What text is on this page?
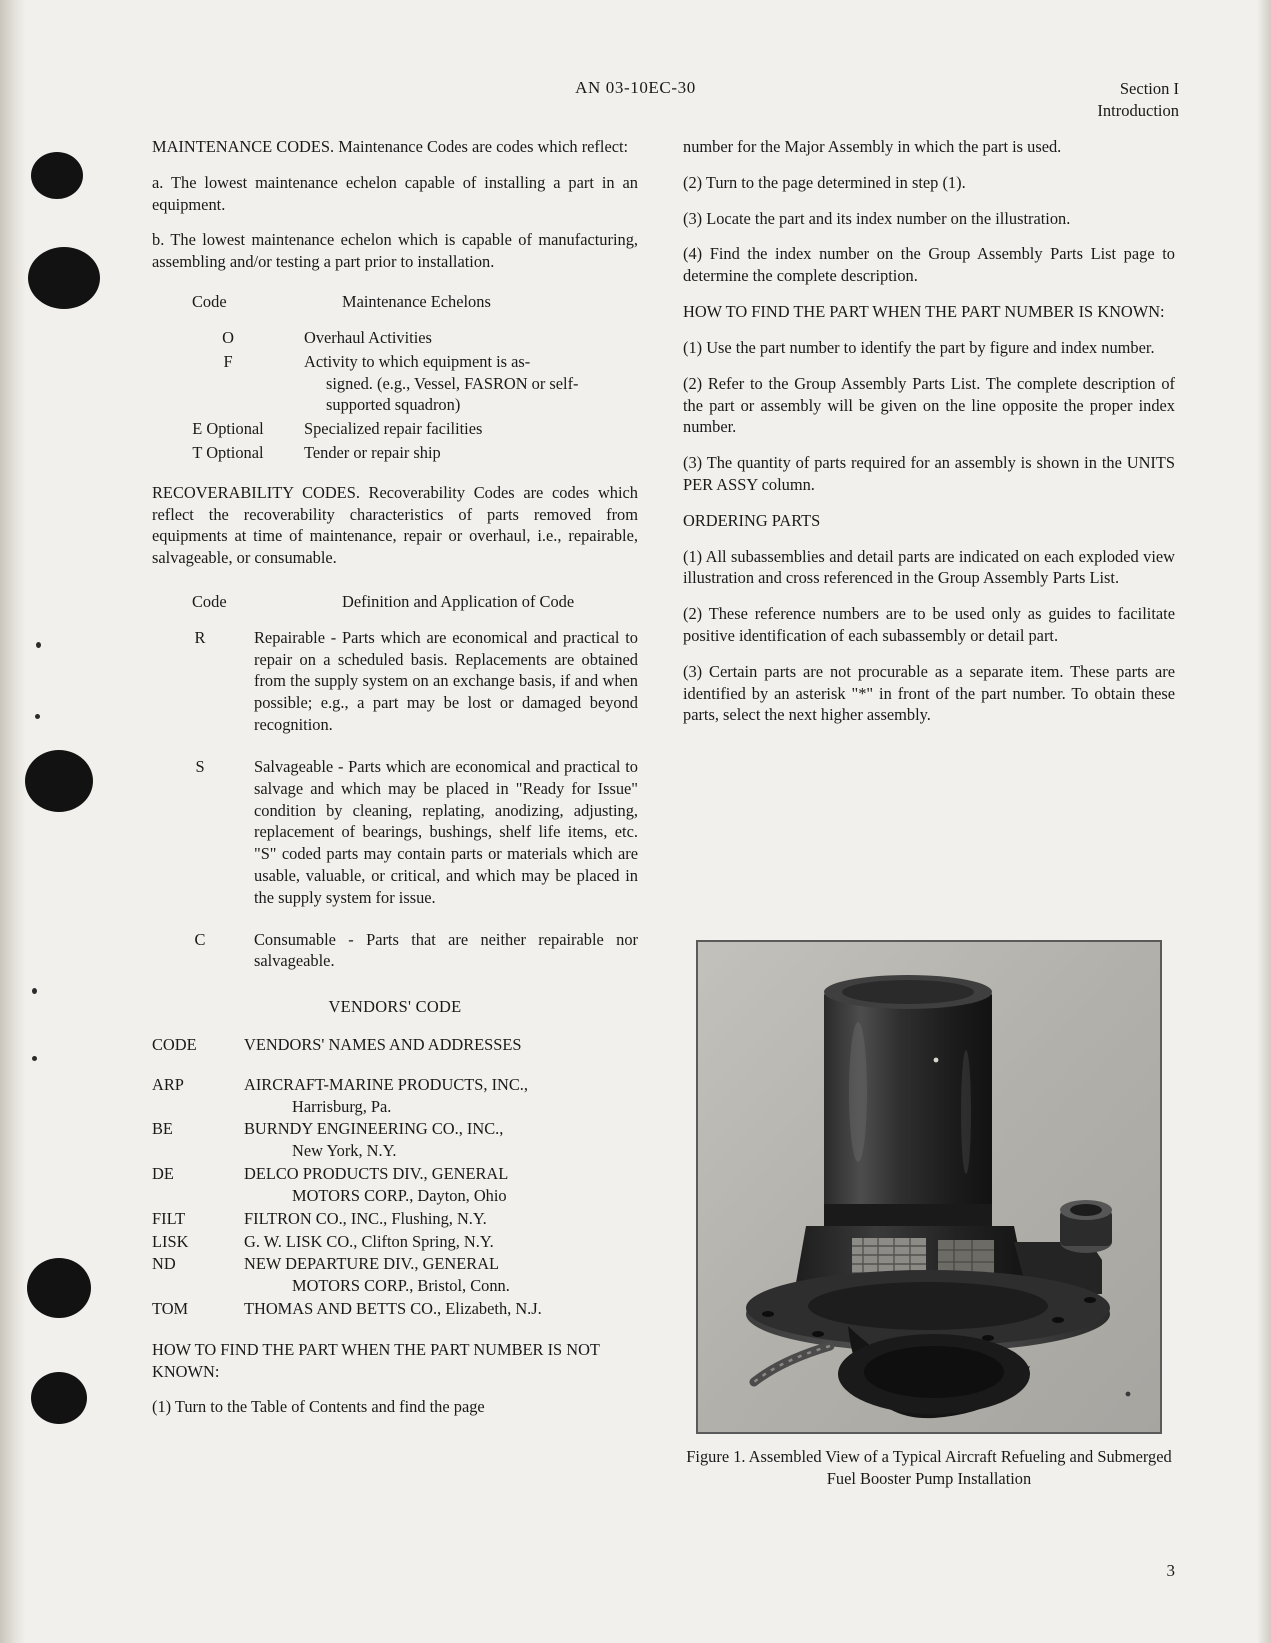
AN 03-10EC-30	Section I
Introduction

MAINTENANCE CODES. Maintenance Codes are codes which reflect:

a. The lowest maintenance echelon capable of installing a part in an equipment.

b. The lowest maintenance echelon which is capable of manufacturing, assembling and/or testing a part prior to installation.

Code	Maintenance Echelons
O	Overhaul Activities
F	Activity to which equipment is as-
signed. (e.g., Vessel, FASRON or self-supported squadron)

E Optional	Specialized repair facilities
T Optional	Tender or repair ship

RECOVERABILITY CODES. Recoverability Codes are codes which reflect the recoverability characteristics of parts removed from equipments at time of maintenance, repair or overhaul, i.e., repairable, salvageable, or consumable.

Code	Definition and Application of Code
R	Repairable - Parts which are economical and practical to repair on a scheduled basis. Replacements are obtained from the supply system on an exchange basis, if and when possible; e.g., a part may be lost or damaged beyond recognition.

S	Salvageable - Parts which are economical and practical to salvage and which may be placed in "Ready for Issue" condition by cleaning, replating, anodizing, adjusting, replacement of bearings, bushings, shelf life items, etc. "S" coded parts may contain parts or materials which are usable, valuable, or critical, and which may be placed in the supply system for issue.

C	Consumable - Parts that are neither repairable nor salvageable.
VENDORS' CODE
CODE	VENDORS' NAMES AND ADDRESSES

ARP	AIRCRAFT-MARINE PRODUCTS, INC.,
Harrisburg, Pa.

BE	BURNDY ENGINEERING CO., INC.,
New York, N.Y.

DE	DELCO PRODUCTS DIV., GENERAL
MOTORS CORP., Dayton, Ohio

FILT	FILTRON CO., INC., Flushing, N.Y.
LISK	G. W. LISK CO., Clifton Spring, N.Y.
ND	NEW DEPARTURE DIV., GENERAL
MOTORS CORP., Bristol, Conn.

TOM	THOMAS AND BETTS CO., Elizabeth, N.J.

HOW TO FIND THE PART WHEN THE PART NUMBER IS NOT KNOWN:

(1) Turn to the Table of Contents and find the page

number for the Major Assembly in which the part is used.

(2) Turn to the page determined in step (1).

(3) Locate the part and its index number on the illustration.

(4) Find the index number on the Group Assembly Parts List page to determine the complete description.

HOW TO FIND THE PART WHEN THE PART NUMBER IS KNOWN:

(1) Use the part number to identify the part by figure and index number.

(2) Refer to the Group Assembly Parts List. The complete description of the part or assembly will be given on the line opposite the proper index number.

(3) The quantity of parts required for an assembly is shown in the UNITS PER ASSY column.

ORDERING PARTS

(1) All subassemblies and detail parts are indicated on each exploded view illustration and cross referenced in the Group Assembly Parts List.

(2) These reference numbers are to be used only as guides to facilitate positive identification of each subassembly or detail part.

(3) Certain parts are not procurable as a separate item. These parts are identified by an asterisk "*" in front of the part number. To obtain these parts, select the next higher assembly.

Figure 1. Assembled View of a Typical Aircraft Refueling and Submerged Fuel Booster Pump Installation
3
